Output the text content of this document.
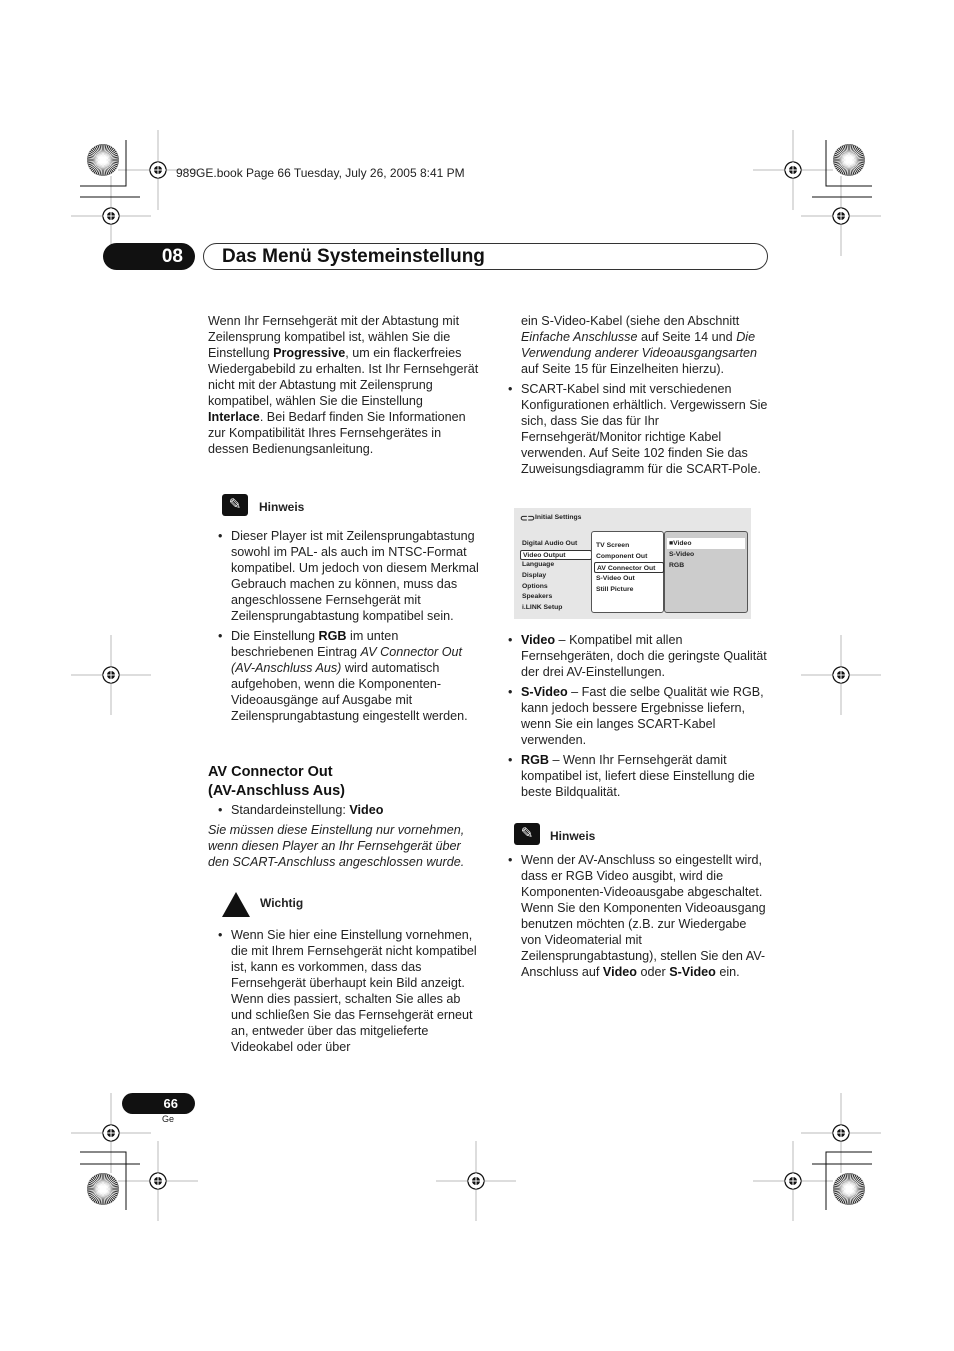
989GE.book Page 66 Tuesday, July 26, 2005 8:41 PM
08	Das Menü Systemeinstellung
Wenn Ihr Fernsehgerät mit der Abtastung mit Zeilensprung kompatibel ist, wählen Sie die Einstellung Progressive, um ein flackerfreies Wiedergabebild zu erhalten. Ist Ihr Fernsehgerät nicht mit der Abtastung mit Zeilensprung kompatibel, wählen Sie die Einstellung Interlace. Bei Bedarf finden Sie Informationen zur Kompatibilität Ihres Fernsehgerätes in dessen Bedienungsanleitung.
✎	Hinweis
• Dieser Player ist mit Zeilensprungabtastung sowohl im PAL- als auch im NTSC-Format kompatibel. Um jedoch von diesem Merkmal Gebrauch machen zu können, muss das angeschlossene Fernsehgerät mit Zeilensprungabtastung kompatibel sein.
• Die Einstellung RGB im unten beschriebenen Eintrag AV Connector Out (AV-Anschluss Aus) wird automatisch aufgehoben, wenn die Komponenten-Videoausgänge auf Ausgabe mit Zeilensprungabtastung eingestellt werden.
AV Connector Out
(AV-Anschluss Aus)
• Standardeinstellung: Video
Sie müssen diese Einstellung nur vornehmen, wenn diesen Player an Ihr Fernsehgerät über den SCART-Anschluss angeschlossen wurde.
Wichtig
• Wenn Sie hier eine Einstellung vornehmen, die mit Ihrem Fernsehgerät nicht kompatibel ist, kann es vorkommen, dass das Fernsehgerät überhaupt kein Bild anzeigt. Wenn dies passiert, schalten Sie alles ab und schließen Sie das Fernsehgerät erneut an, entweder über das mitgelieferte Videokabel oder über
ein S-Video-Kabel (siehe den Abschnitt Einfache Anschlusse auf Seite 14 und Die Verwendung anderer Videoausgangsarten auf Seite 15 für Einzelheiten hierzu).
• SCART-Kabel sind mit verschiedenen Konfigurationen erhältlich. Vergewissern Sie sich, dass Sie das für Ihr Fernsehgerät/Monitor richtige Kabel verwenden. Auf Seite 102 finden Sie das Zuweisungsdiagramm für die SCART-Pole.
⊂⊃ Initial Settings
Digital Audio Out
Video Output
Language
Display
Options
Speakers
i.LINK Setup
TV Screen
Component Out
AV Connector Out
S-Video Out
Still Picture
■Video
S-Video
RGB
• Video – Kompatibel mit allen Fernsehgeräten, doch die geringste Qualität der drei AV-Einstellungen.
• S-Video – Fast die selbe Qualität wie RGB, kann jedoch bessere Ergebnisse liefern, wenn Sie ein langes SCART-Kabel verwenden.
• RGB – Wenn Ihr Fernsehgerät damit kompatibel ist, liefert diese Einstellung die beste Bildqualität.
✎	Hinweis
• Wenn der AV-Anschluss so eingestellt wird, dass er RGB Video ausgibt, wird die Komponenten-Videoausgabe abgeschaltet. Wenn Sie den Komponenten Videoausgang benutzen möchten (z.B. zur Wiedergabe von Videomaterial mit Zeilensprungabtastung), stellen Sie den AV-Anschluss auf Video oder S-Video ein.
66
Ge
